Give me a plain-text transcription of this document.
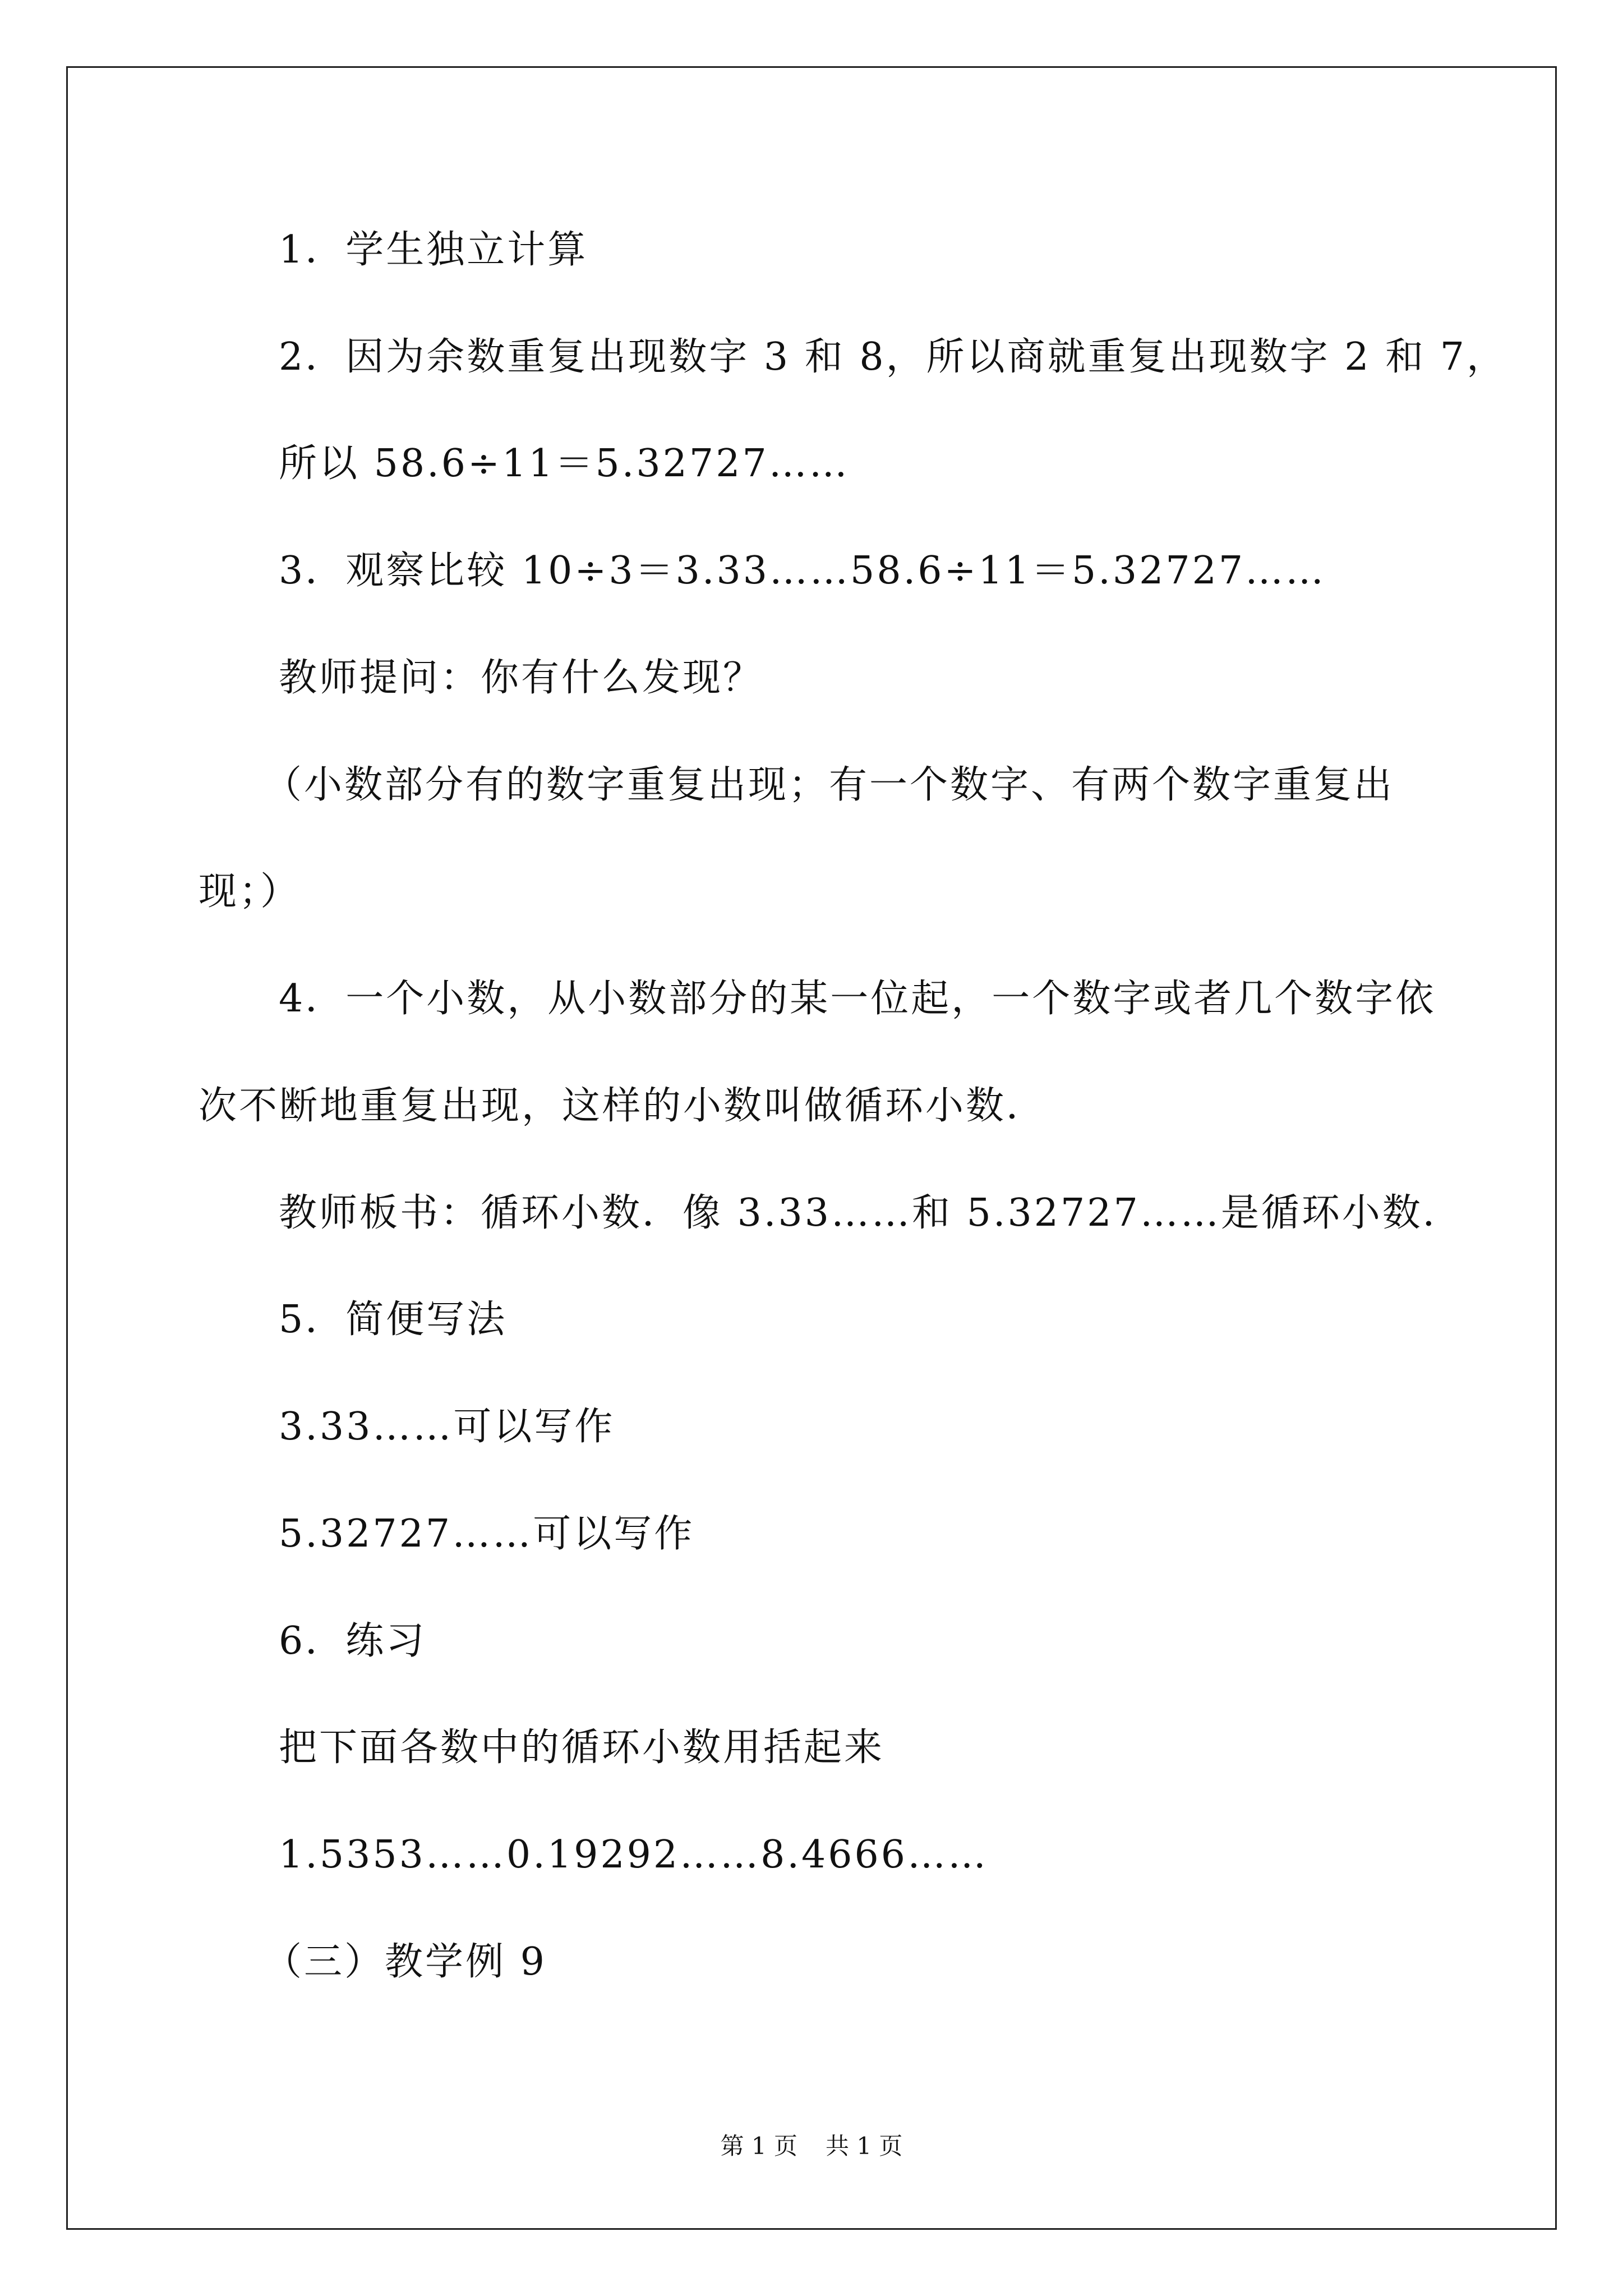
1．学生独立计算
2．因为余数重复出现数字 3 和 8，所以商就重复出现数字 2 和 7，
所以 58.6÷11＝5.32727……
3．观察比较 10÷3＝3.33……58.6÷11＝5.32727……
教师提问：你有什么发现？
（小数部分有的数字重复出现；有一个数字、有两个数字重复出
现；）
4．一个小数，从小数部分的某一位起，一个数字或者几个数字依
次不断地重复出现，这样的小数叫做循环小数．
教师板书：循环小数．像 3.33……和 5.32727……是循环小数．
5．简便写法
3.33……可以写作
5.32727……可以写作
6．练习
把下面各数中的循环小数用括起来
1.5353……0.19292……8.4666……
（三）教学例 9
第 1 页 共 1 页
